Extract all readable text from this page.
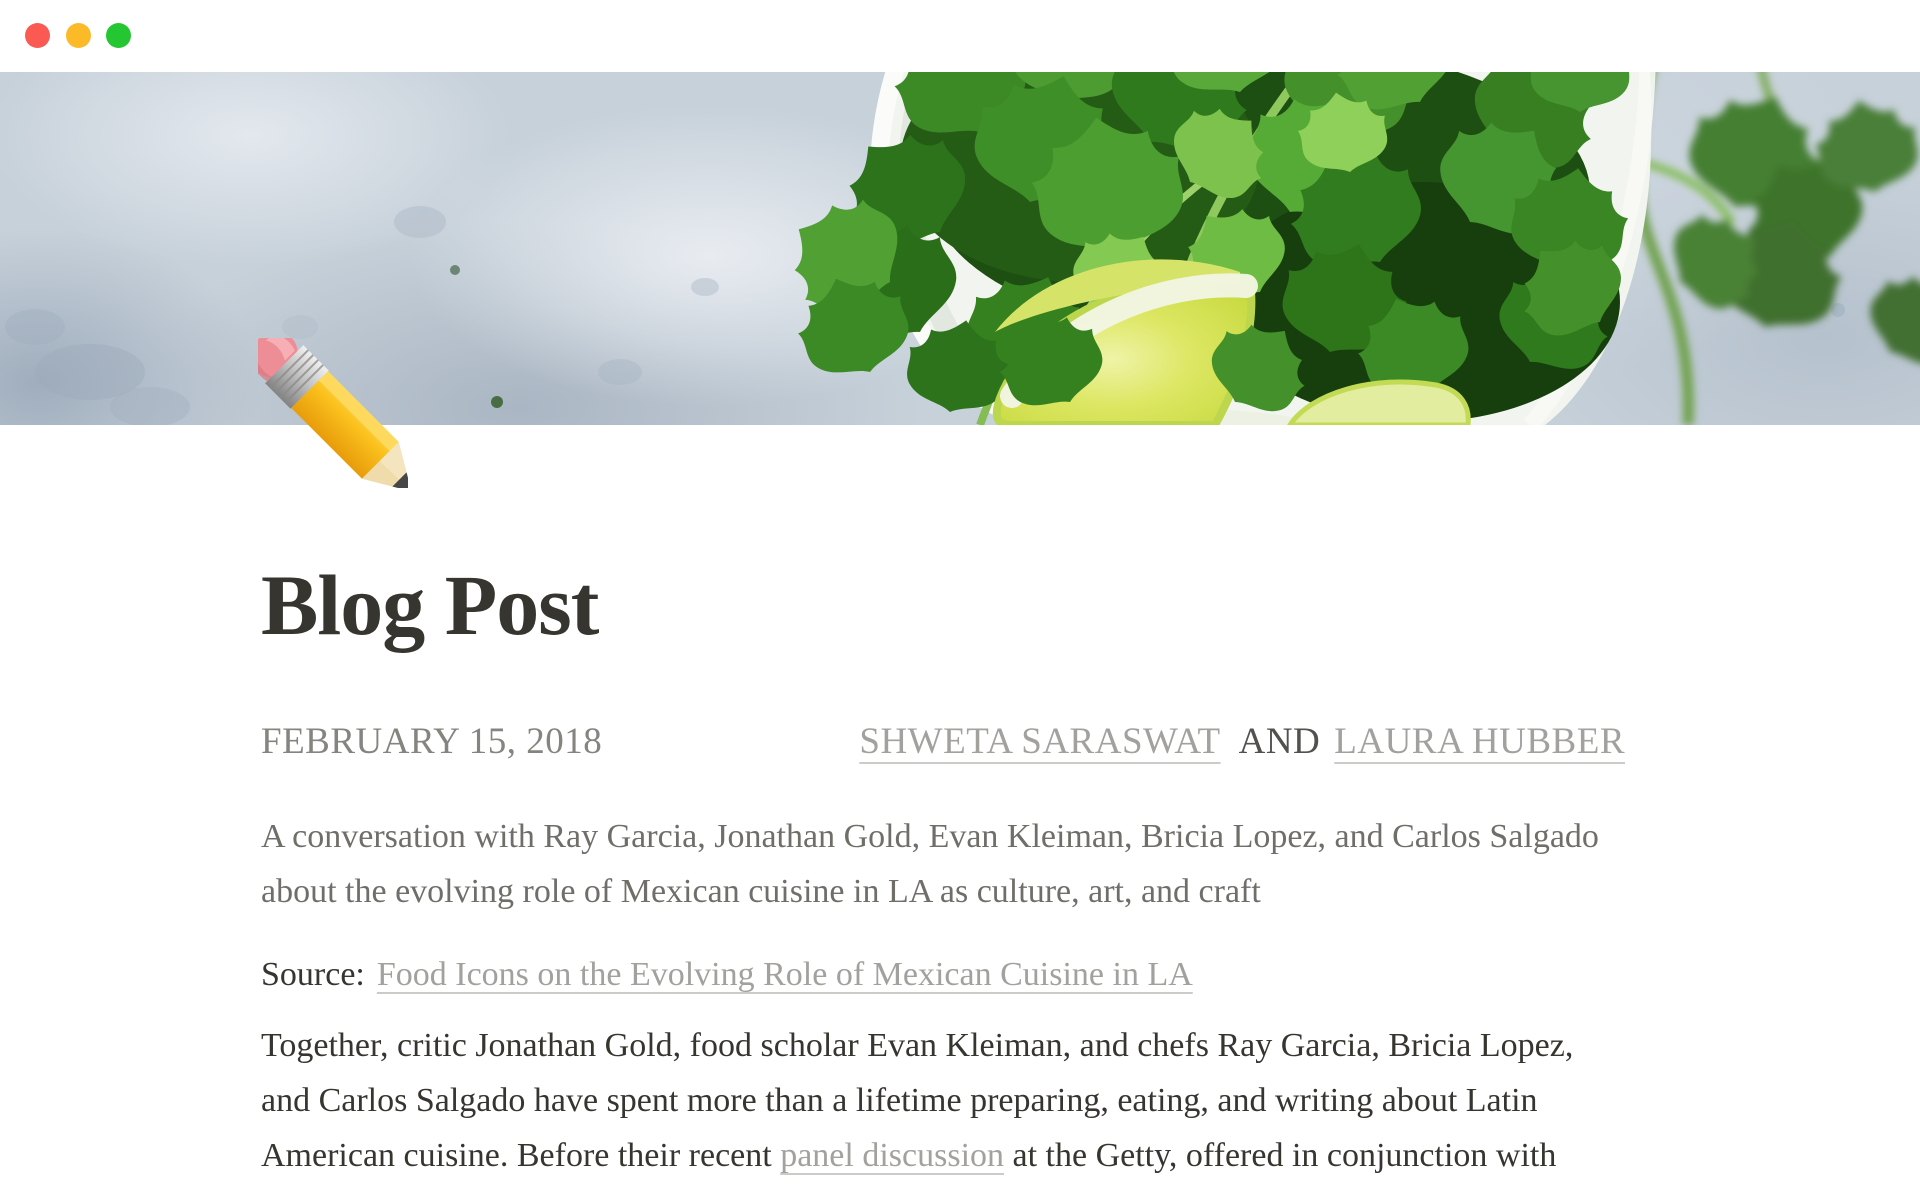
Blog Post
FEBRUARY 15, 2018	SHWETA SARASWAT AND LAURA HUBBER

A conversation with Ray Garcia, Jonathan Gold, Evan Kleiman, Bricia Lopez, and Carlos Salgado
about the evolving role of Mexican cuisine in LA as culture, art, and craft

Source: Food Icons on the Evolving Role of Mexican Cuisine in LA

Together, critic Jonathan Gold, food scholar Evan Kleiman, and chefs Ray Garcia, Bricia Lopez,
and Carlos Salgado have spent more than a lifetime preparing, eating, and writing about Latin
American cuisine. Before their recent panel discussion at the Getty, offered in conjunction with
